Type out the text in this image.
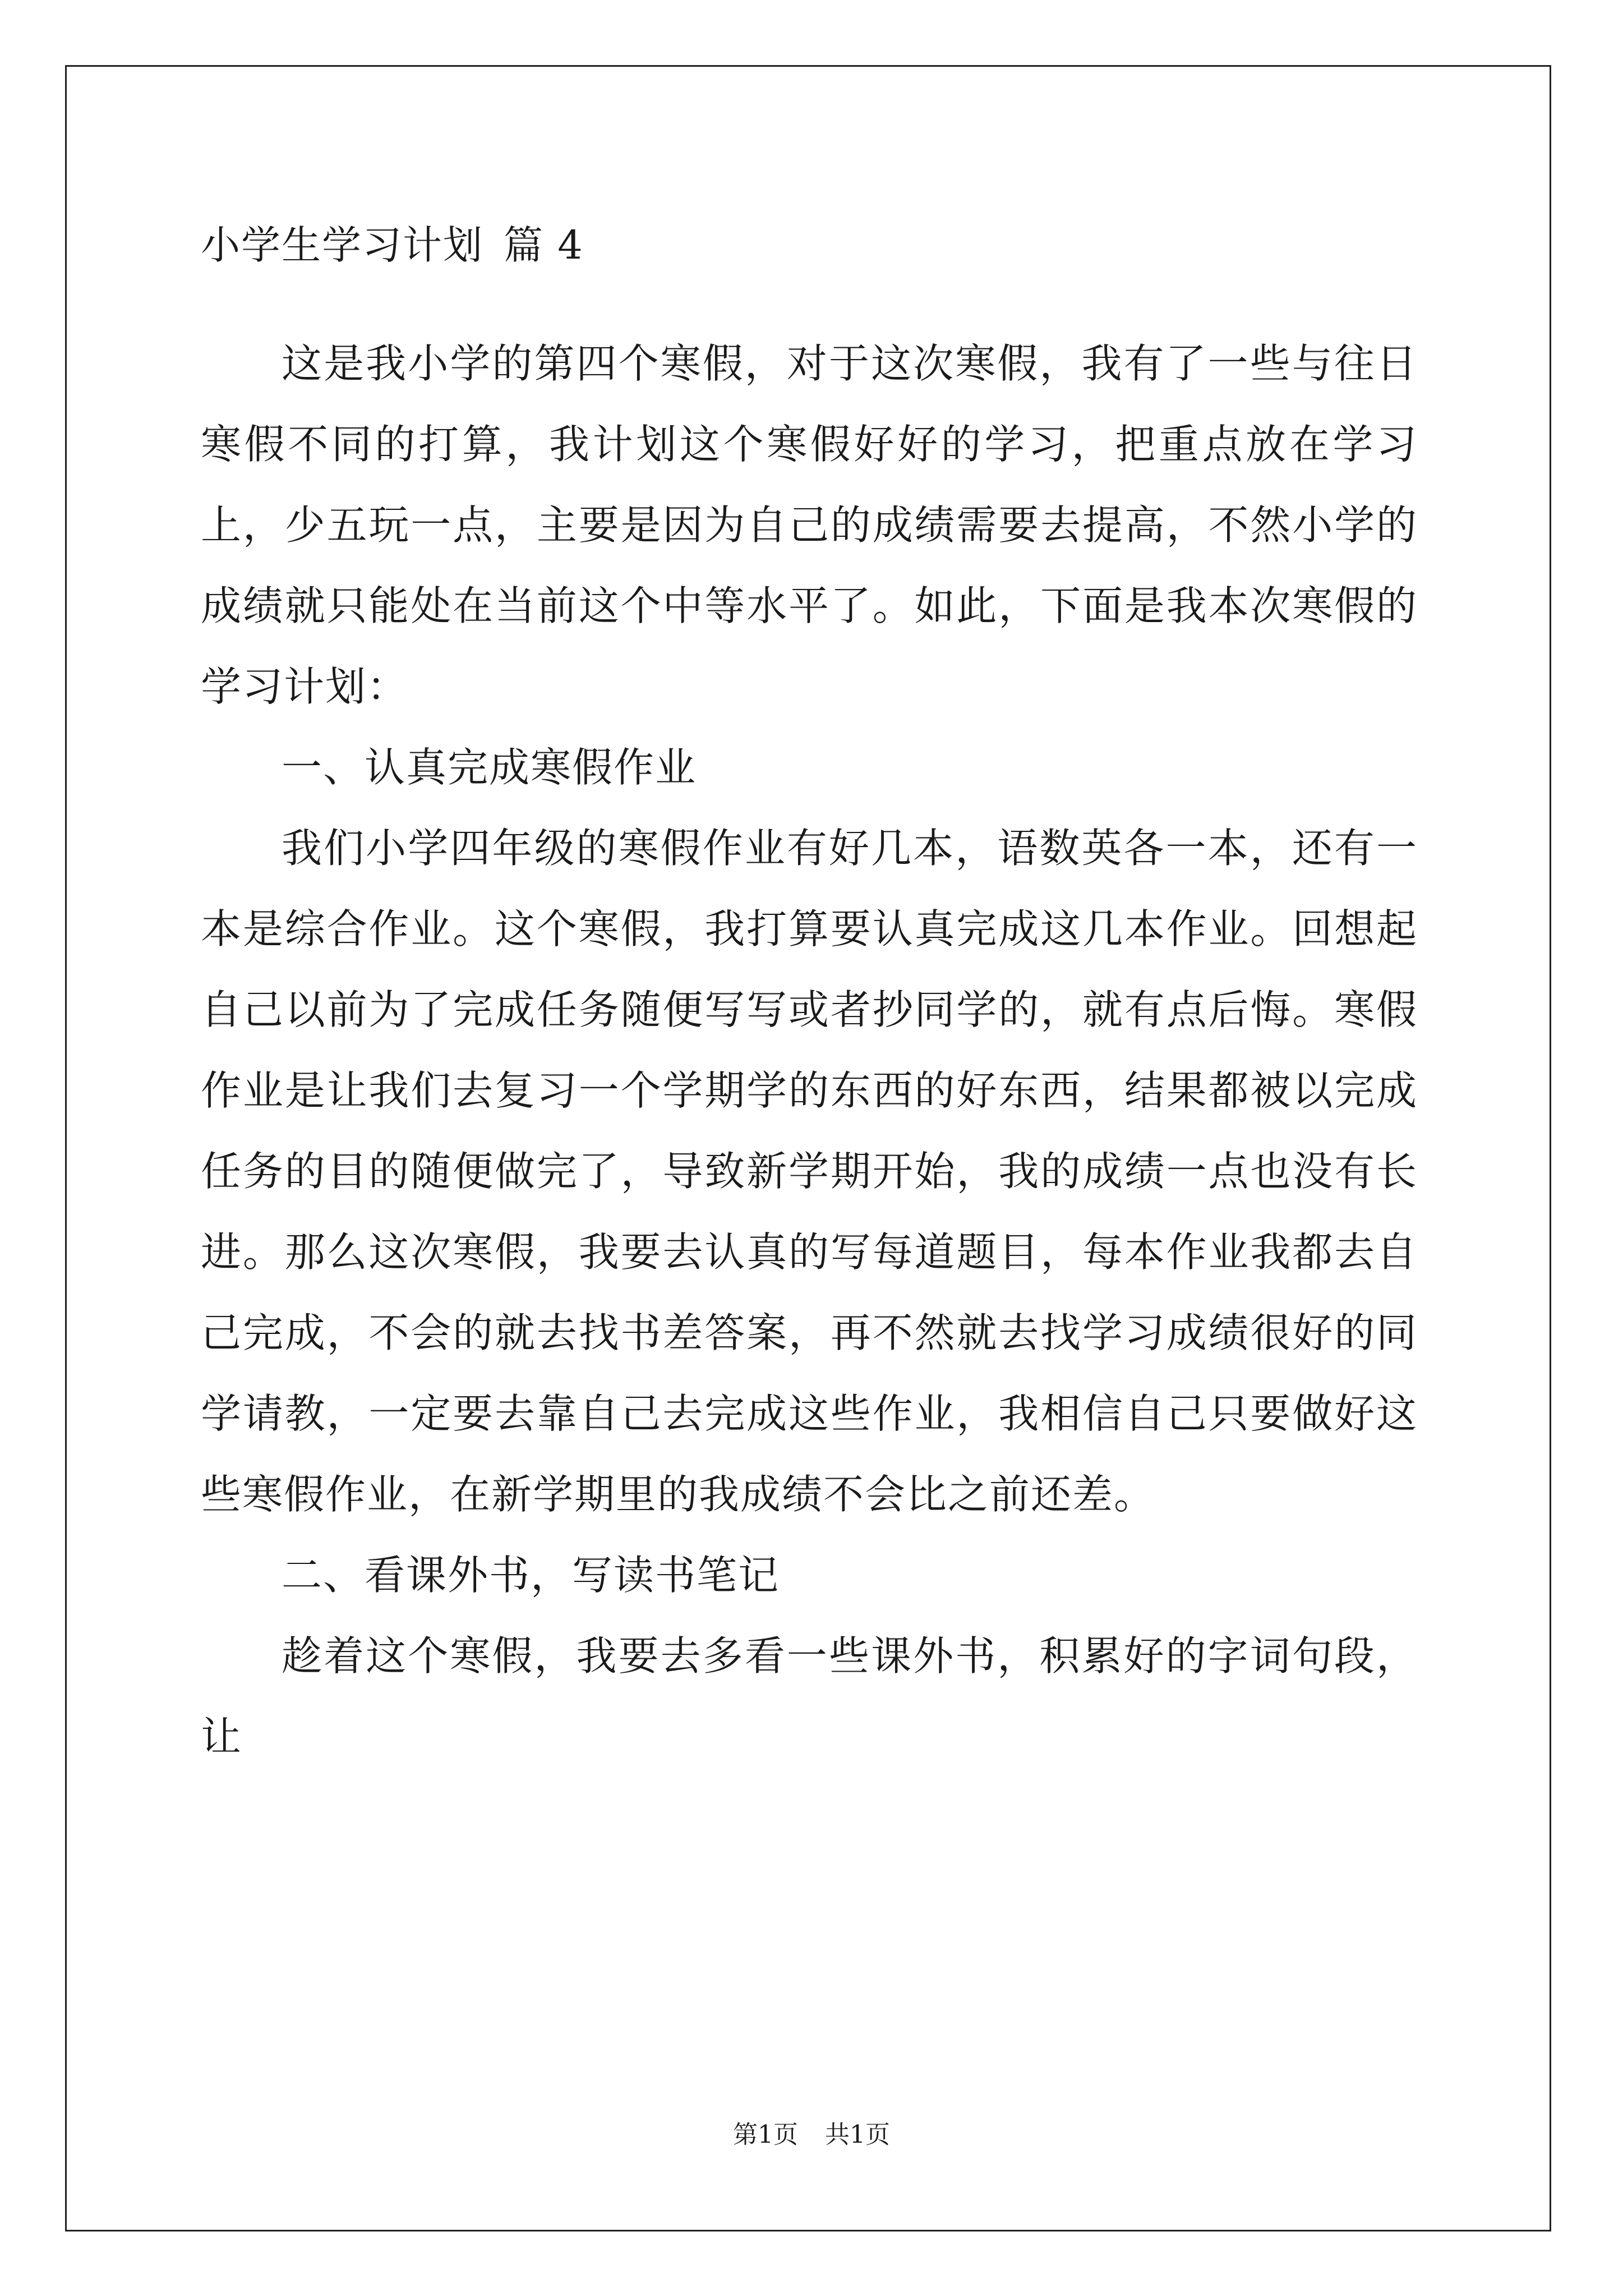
小学生学习计划 篇 4

这是我小学的第四个寒假，对于这次寒假，我有了一些与往日寒假不同的打算，我计划这个寒假好好的学习，把重点放在学习上，少五玩一点，主要是因为自己的成绩需要去提高，不然小学的成绩就只能处在当前这个中等水平了。如此，下面是我本次寒假的学习计划：

一、认真完成寒假作业

我们小学四年级的寒假作业有好几本，语数英各一本，还有一本是综合作业。这个寒假，我打算要认真完成这几本作业。回想起自己以前为了完成任务随便写写或者抄同学的，就有点后悔。寒假作业是让我们去复习一个学期学的东西的好东西，结果都被以完成任务的目的随便做完了，导致新学期开始，我的成绩一点也没有长进。那么这次寒假，我要去认真的写每道题目，每本作业我都去自己完成，不会的就去找书差答案，再不然就去找学习成绩很好的同学请教，一定要去靠自己去完成这些作业，我相信自己只要做好这些寒假作业，在新学期里的我成绩不会比之前还差。

二、看课外书，写读书笔记

趁着这个寒假，我要去多看一些课外书，积累好的字词句段，让

第1页 共1页
